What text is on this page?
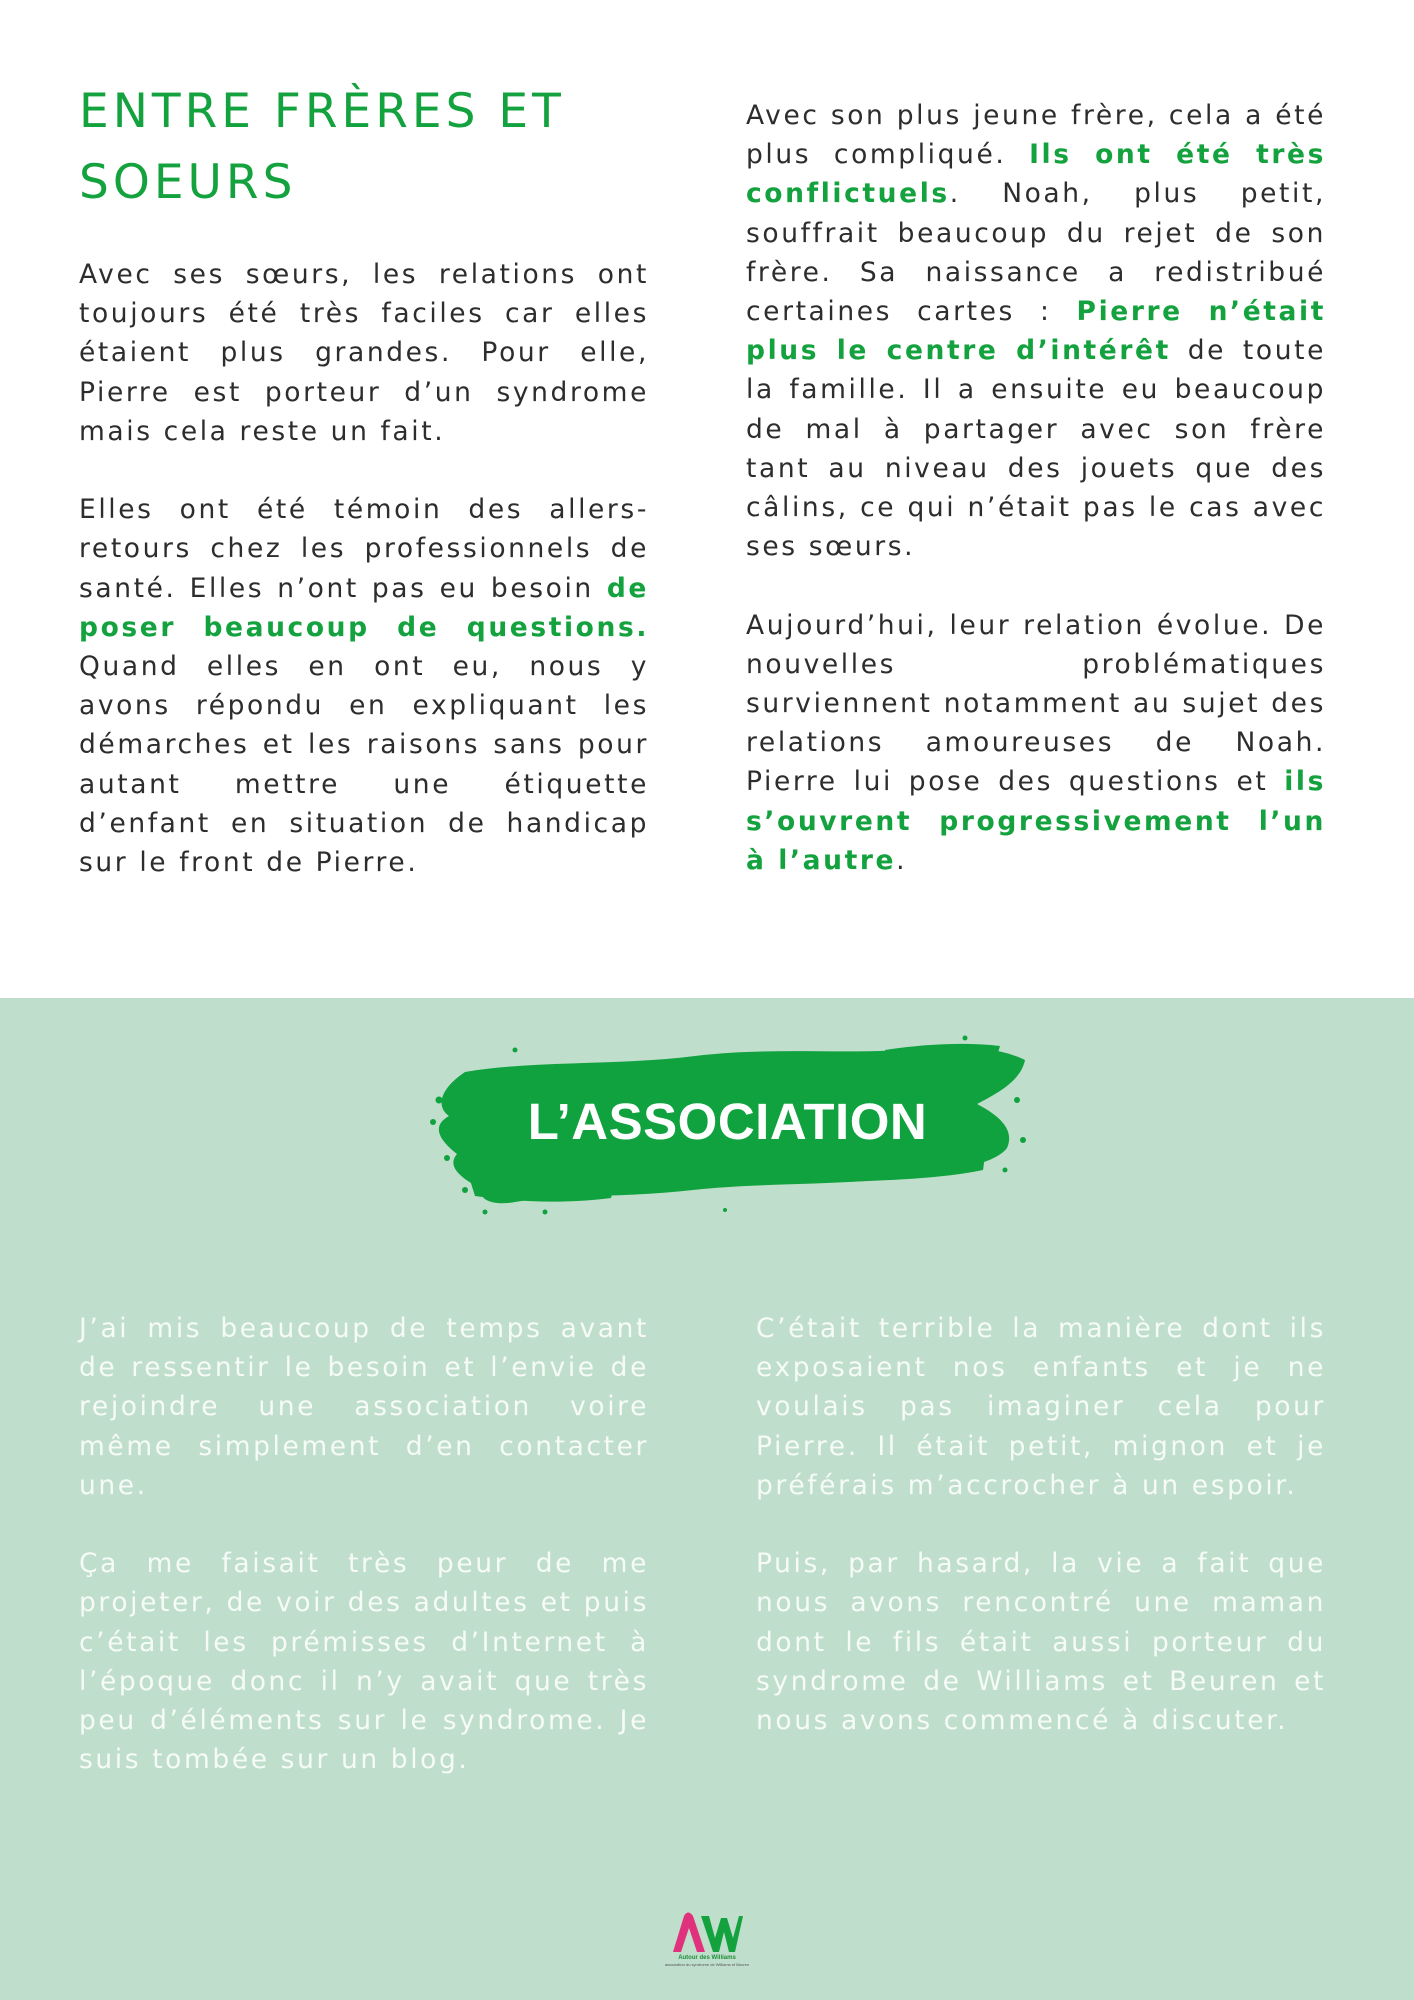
ENTRE FRÈRES ET SOEURS

Avec ses sœurs, les relations ont toujours été très faciles car elles étaient plus grandes. Pour elle, Pierre est porteur d’un syndrome mais cela reste un fait.

Elles ont été témoin des allers-retours chez les professionnels de santé. Elles n’ont pas eu besoin de poser beaucoup de questions. Quand elles en ont eu, nous y avons répondu en expliquant les démarches et les raisons sans pour autant mettre une étiquette d’enfant en situation de handicap sur le front de Pierre.

Avec son plus jeune frère, cela a été plus compliqué. Ils ont été très conflictuels. Noah, plus petit, souffrait beaucoup du rejet de son frère. Sa naissance a redistribué certaines cartes : Pierre n’était plus le centre d’intérêt de toute la famille. Il a ensuite eu beaucoup de mal à partager avec son frère tant au niveau des jouets que des câlins, ce qui n’était pas le cas avec ses sœurs.

Aujourd’hui, leur relation évolue. De nouvelles problématiques surviennent notamment au sujet des relations amoureuses de Noah. Pierre lui pose des questions et ils s’ouvrent progressivement l’un à l’autre.

L’ASSOCIATION

J’ai mis beaucoup de temps avant de ressentir le besoin et l’envie de rejoindre une association voire même simplement d’en contacter une.

Ça me faisait très peur de me projeter, de voir des adultes et puis c’était les prémisses d’Internet à l’époque donc il n’y avait que très peu d’éléments sur le syndrome. Je suis tombée sur un blog.

C’était terrible la manière dont ils exposaient nos enfants et je ne voulais pas imaginer cela pour Pierre. Il était petit, mignon et je préférais m’accrocher à un espoir.

Puis, par hasard, la vie a fait que nous avons rencontré une maman dont le fils était aussi porteur du syndrome de Williams et Beuren et nous avons commencé à discuter.

Autour des Williams
association du syndrome de Williams et Beuren
